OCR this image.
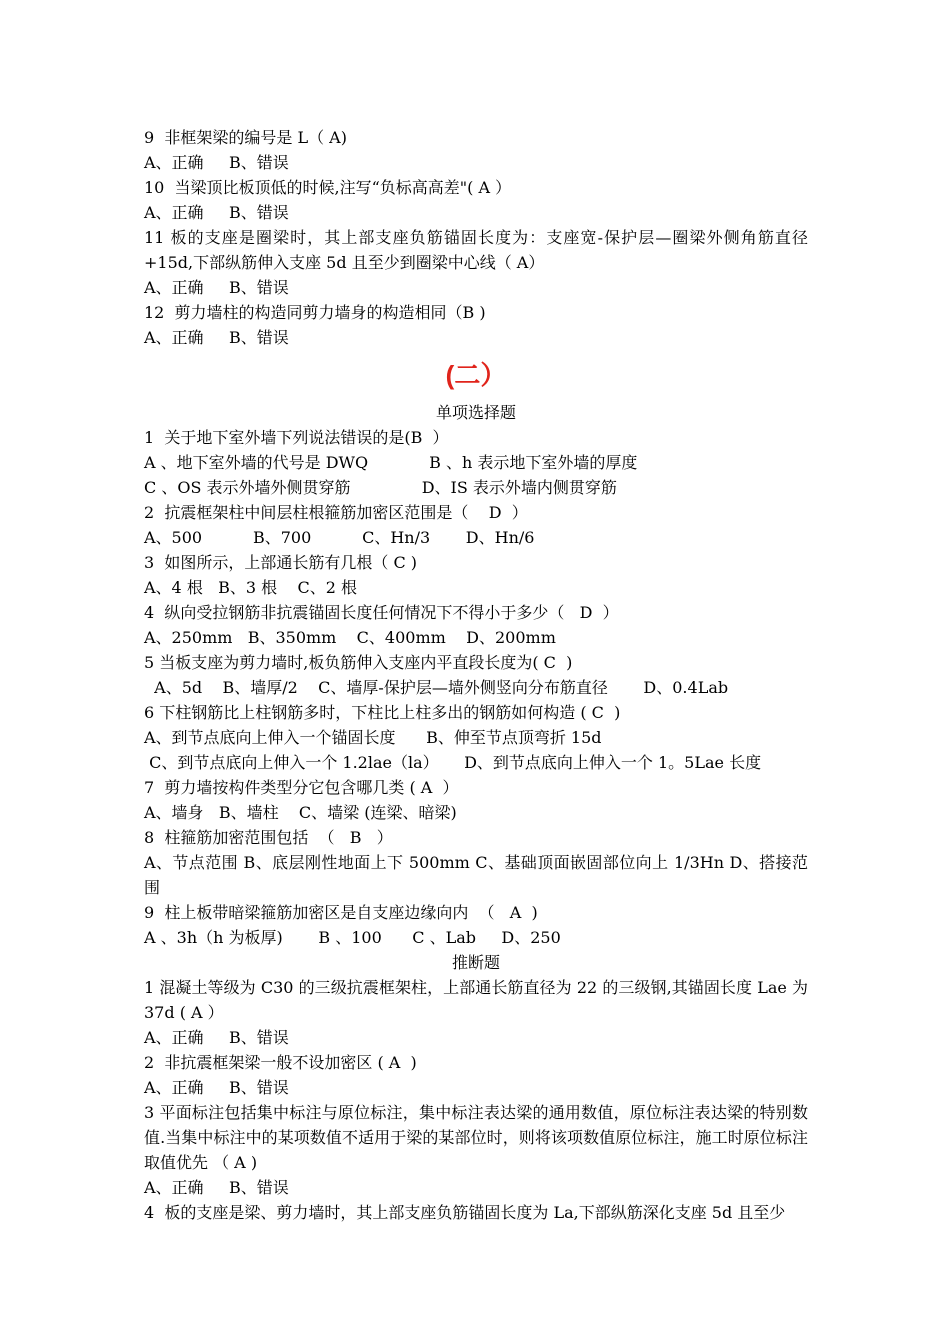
9  非框架梁的编号是 L（ A)
A、正确     B、错误
10  当梁顶比板顶低的时候,注写“负标高高差"( A ）
A、正确     B、错误
11 板的支座是圈梁时，其上部支座负筋锚固长度为：支座宽-保护层—圈梁外侧角筋直径+15d,下部纵筋伸入支座 5d 且至少到圈梁中心线（ A）
A、正确     B、错误
12  剪力墙柱的构造同剪力墙身的构造相同（B )
A、正确     B、错误
(二）
单项选择题
1  关于地下室外墙下列说法错误的是(B  ）
A 、地下室外墙的代号是 DWQ            B 、h 表示地下室外墙的厚度
C 、OS 表示外墙外侧贯穿筋              D、IS 表示外墙内侧贯穿筋
2  抗震框架柱中间层柱根箍筋加密区范围是（    D  ）
A、500          B、700          C、Hn/3       D、Hn/6
3  如图所示，上部通长筋有几根（ C )
A、4 根   B、3 根    C、2 根
4  纵向受拉钢筋非抗震锚固长度任何情况下不得小于多少（   D  ）
A、250mm   B、350mm    C、400mm    D、200mm
5 当板支座为剪力墙时,板负筋伸入支座内平直段长度为( C  )
A、5d    B、墙厚/2    C、墙厚-保护层—墙外侧竖向分布筋直径       D、0.4Lab
6 下柱钢筋比上柱钢筋多时，下柱比上柱多出的钢筋如何构造 ( C  )
A、到节点底向上伸入一个锚固长度      B、伸至节点顶弯折 15d
C、到节点底向上伸入一个 1.2lae（la）     D、到节点底向上伸入一个 1。5Lae 长度
7  剪力墙按构件类型分它包含哪几类 ( A  ）
A、墙身   B、墙柱    C、墙梁 (连梁、暗梁)
8  柱箍筋加密范围包括  （   B   ）
A、节点范围 B、底层刚性地面上下 500mm C、基础顶面嵌固部位向上 1/3Hn D、搭接范围
9  柱上板带暗梁箍筋加密区是自支座边缘向内  （   A  )
A 、3h（h 为板厚)       B 、100      C 、Lab     D、250
推断题
1 混凝土等级为 C30 的三级抗震框架柱，上部通长筋直径为 22 的三级钢,其锚固长度 Lae 为 37d ( A ）
A、正确     B、错误
2  非抗震框架梁一般不设加密区 ( A  )
A、正确     B、错误
3 平面标注包括集中标注与原位标注，集中标注表达梁的通用数值，原位标注表达梁的特别数值.当集中标注中的某项数值不适用于梁的某部位时，则将该项数值原位标注，施工时原位标注取值优先 （ A )
A、正确     B、错误
4  板的支座是梁、剪力墙时，其上部支座负筋锚固长度为 La,下部纵筋深化支座 5d 且至少
